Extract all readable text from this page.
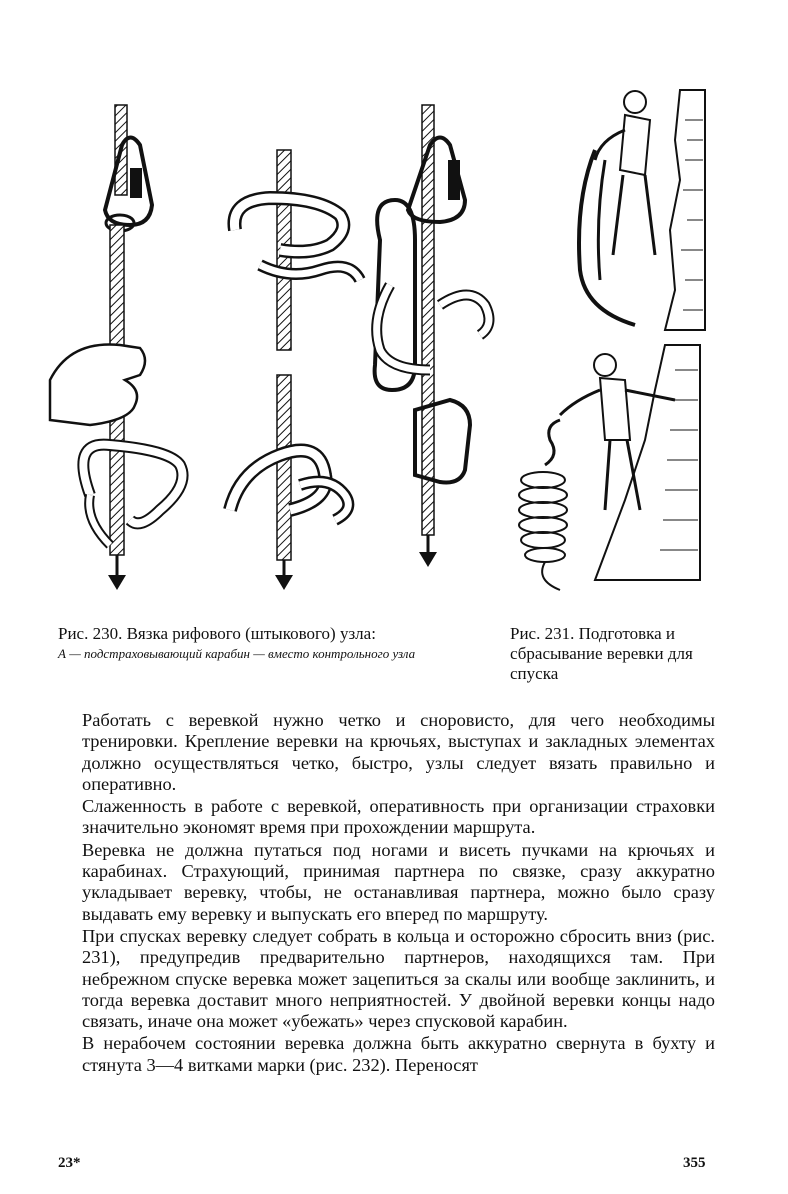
Рис. 230. Вязка рифового (штыкового) узла:
А — подстраховывающий карабин — вместо контрольного узла
Рис. 231. Подготовка и сбрасывание веревки для спуска

Работать с веревкой нужно четко и сноровисто, для чего необходимы тренировки. Крепление веревки на крючьях, выступах и закладных элементах должно осуществляться четко, быстро, узлы следует вязать правильно и оперативно.

Слаженность в работе с веревкой, оперативность при организации страховки значительно экономят время при прохождении маршрута.

Веревка не должна путаться под ногами и висеть пучками на крючьях и карабинах. Страхующий, принимая партнера по связке, сразу аккуратно укладывает веревку, чтобы, не останавливая партнера, можно было сразу выдавать ему веревку и выпускать его вперед по маршруту.

При спусках веревку следует собрать в кольца и осторожно сбросить вниз (рис. 231), предупредив предварительно партнеров, находящихся там. При небрежном спуске веревка может зацепиться за скалы или вообще заклинить, и тогда веревка доставит много неприятностей. У двойной веревки концы надо связать, иначе она может «убежать» через спусковой карабин.

В нерабочем состоянии веревка должна быть аккуратно свернута в бухту и стянута 3—4 витками марки (рис. 232). Переносят

23*	355
